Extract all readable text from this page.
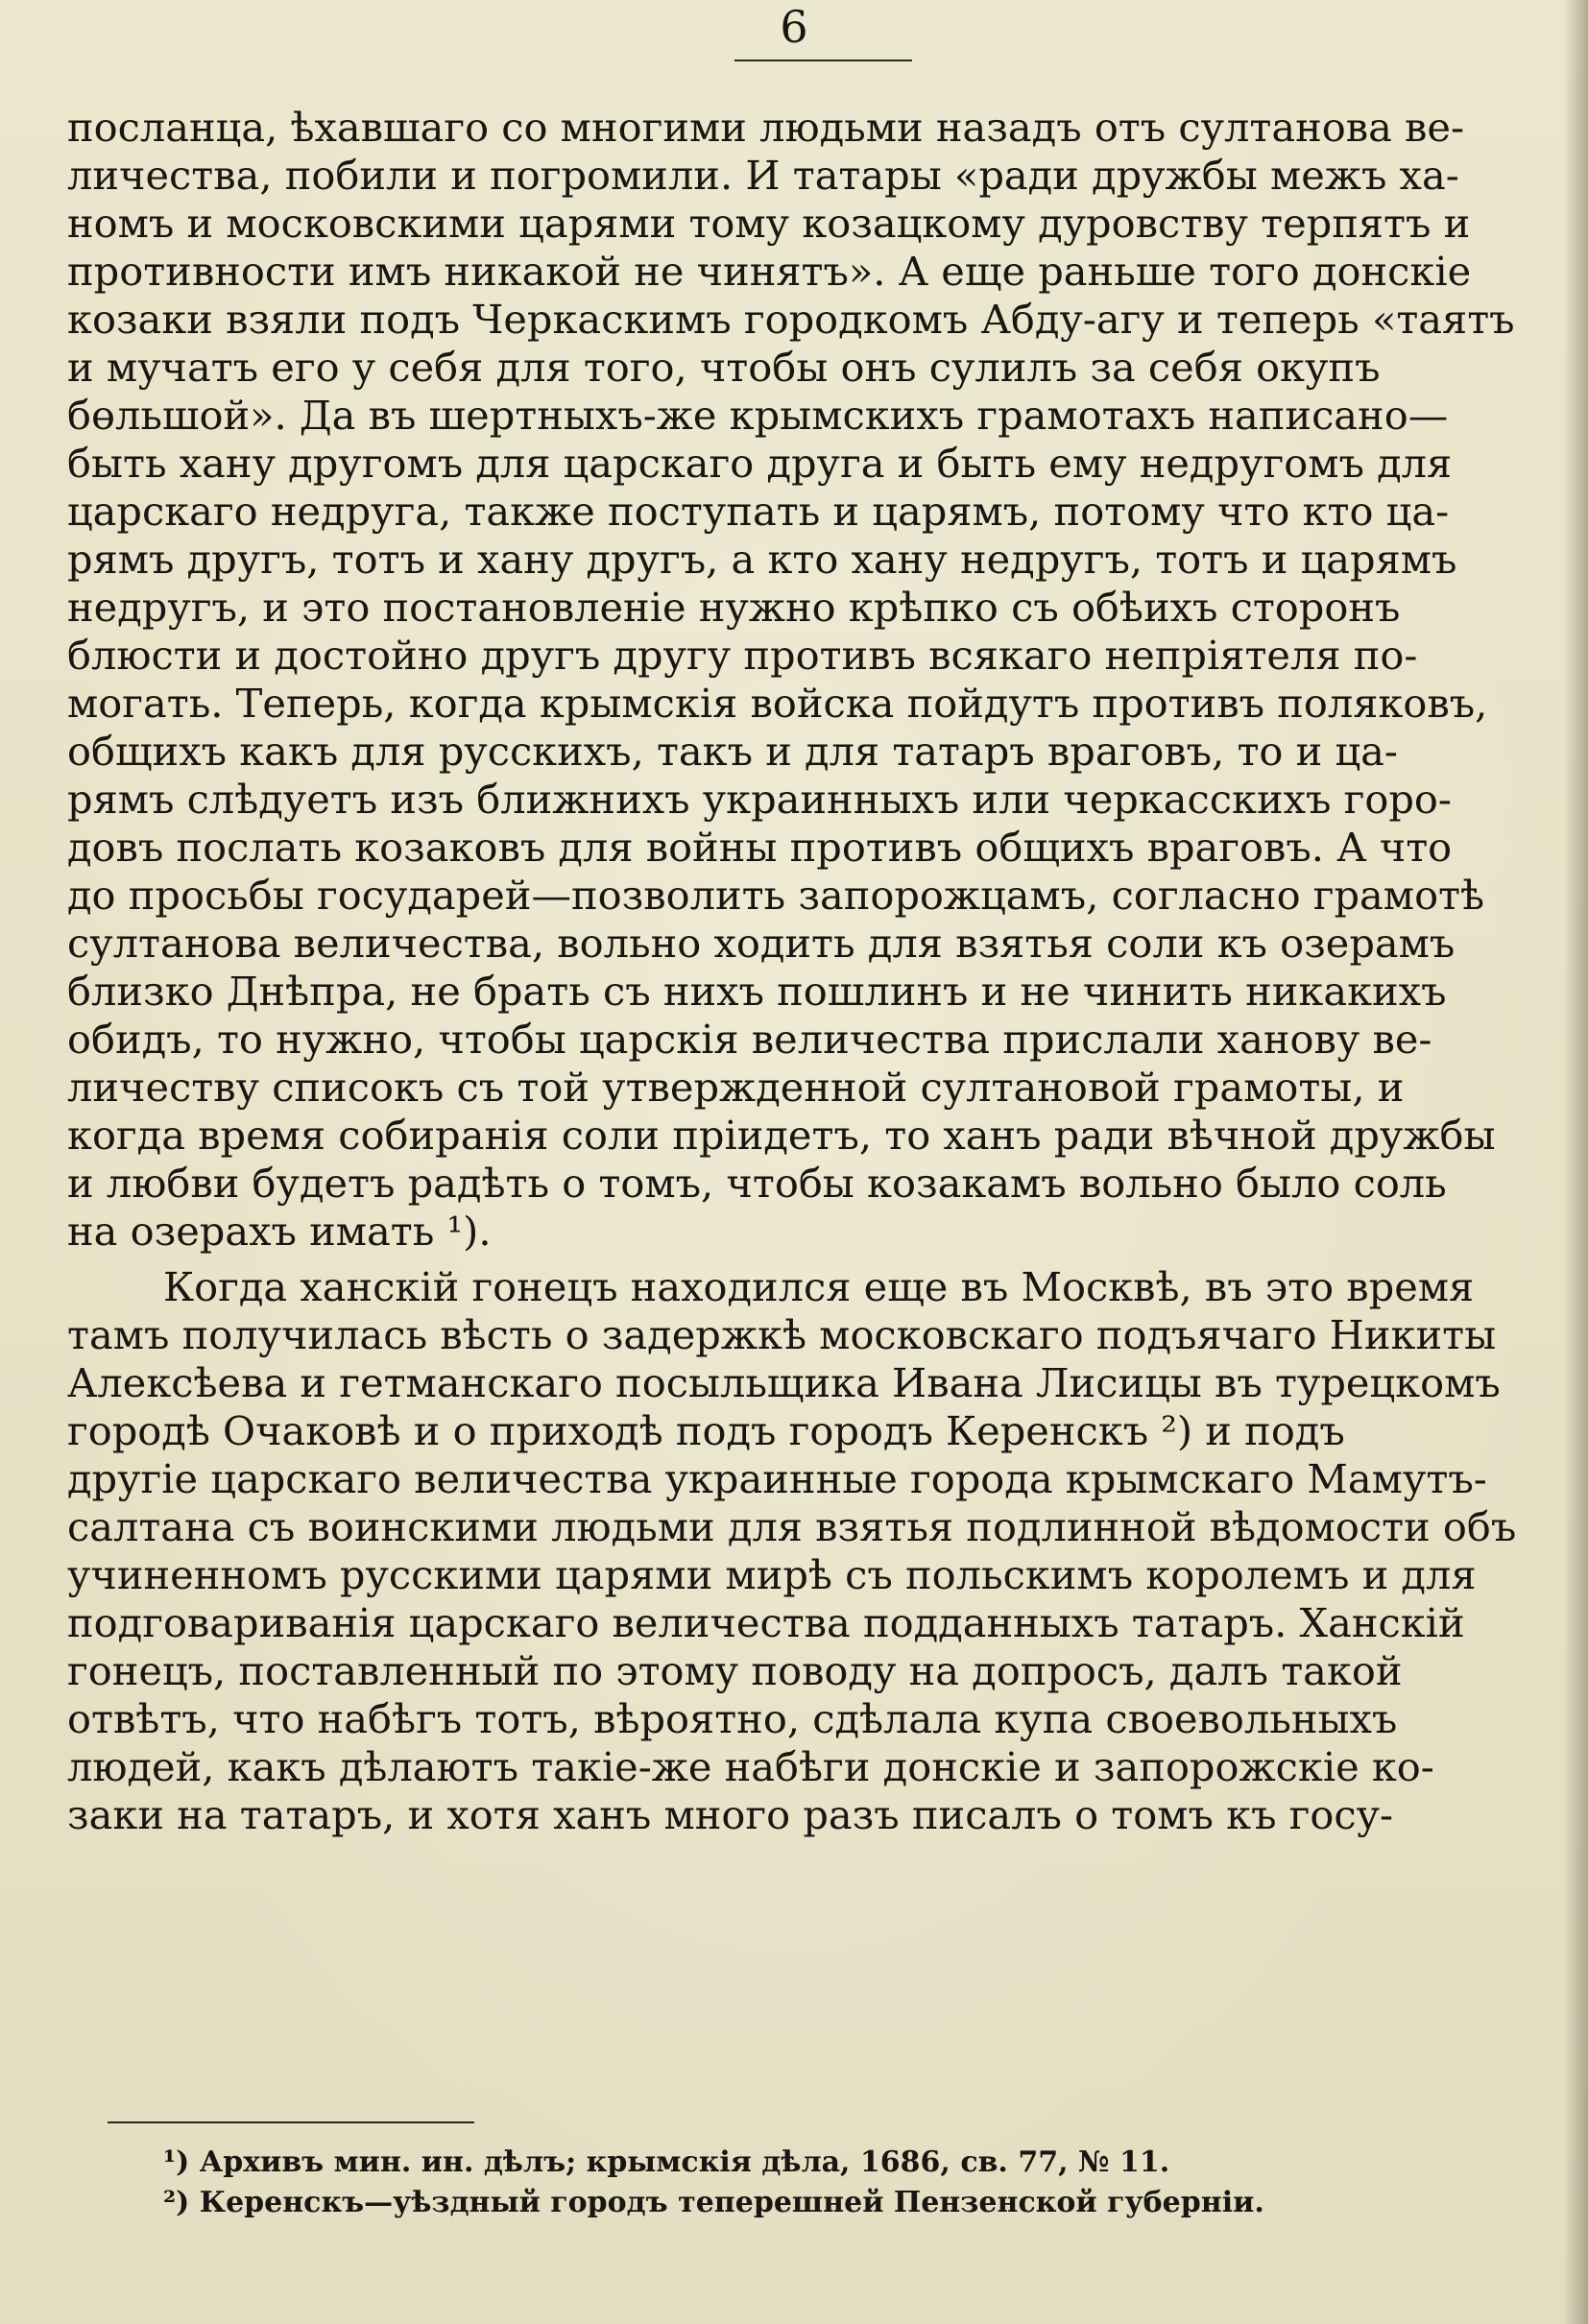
6
посланца, ѣхавшаго со многими людьми назадъ отъ султанова ве-
личества, побили и погромили. И татары «ради дружбы межъ ха-
номъ и московскими царями тому козацкому дуровству терпятъ и
противности имъ никакой не чинятъ». А еще раньше того донскіе
козаки взяли подъ Черкаскимъ городкомъ Абду-агу и теперь «таятъ
и мучатъ его у себя для того, чтобы онъ сулилъ за себя окупъ
бөльшой». Да въ шертныхъ-же крымскихъ грамотахъ написано—
быть хану другомъ для царскаго друга и быть ему недругомъ для
царскаго недруга, также поступать и царямъ, потому что кто ца-
рямъ другъ, тотъ и хану другъ, а кто хану недругъ, тотъ и царямъ
недругъ, и это постановленіе нужно крѣпко съ обѣихъ сторонъ
блюсти и достойно другъ другу противъ всякаго непріятеля по-
могать. Теперь, когда крымскія войска пойдутъ противъ поляковъ,
общихъ какъ для русскихъ, такъ и для татаръ враговъ, то и ца-
рямъ слѣдуетъ изъ ближнихъ украинныхъ или черкасскихъ горо-
довъ послать козаковъ для войны противъ общихъ враговъ. А что
до просьбы государей—позволить запорожцамъ, согласно грамотѣ
султанова величества, вольно ходить для взятья соли къ озерамъ
близко Днѣпра, не брать съ нихъ пошлинъ и не чинить никакихъ
обидъ, то нужно, чтобы царскія величества прислали ханову ве-
личеству списокъ съ той утвержденной султановой грамоты, и
когда время собиранія соли пріидетъ, то ханъ ради вѣчной дружбы
и любви будетъ радѣть о томъ, чтобы козакамъ вольно было соль
на озерахъ имать ¹).
Когда ханскій гонецъ находился еще въ Москвѣ, въ это время
тамъ получилась вѣсть о задержкѣ московскаго подъячаго Никиты
Алексѣева и гетманскаго посыльщика Ивана Лисицы въ турецкомъ
городѣ Очаковѣ и о приходѣ подъ городъ Керенскъ ²) и подъ
другіе царскаго величества украинные города крымскаго Мамутъ-
салтана съ воинскими людьми для взятья подлинной вѣдомости объ
учиненномъ русскими царями мирѣ съ польскимъ королемъ и для
подговариванія царскаго величества подданныхъ татаръ. Ханскій
гонецъ, поставленный по этому поводу на допросъ, далъ такой
отвѣтъ, что набѣгъ тотъ, вѣроятно, сдѣлала купа своевольныхъ
людей, какъ дѣлаютъ такіе-же набѣги донскіе и запорожскіе ко-
заки на татаръ, и хотя ханъ много разъ писалъ о томъ къ госу-
¹) Архивъ мин. ин. дѣлъ; крымскія дѣла, 1686, св. 77, № 11.
²) Керенскъ—уѣздный городъ теперешней Пензенской губерніи.
